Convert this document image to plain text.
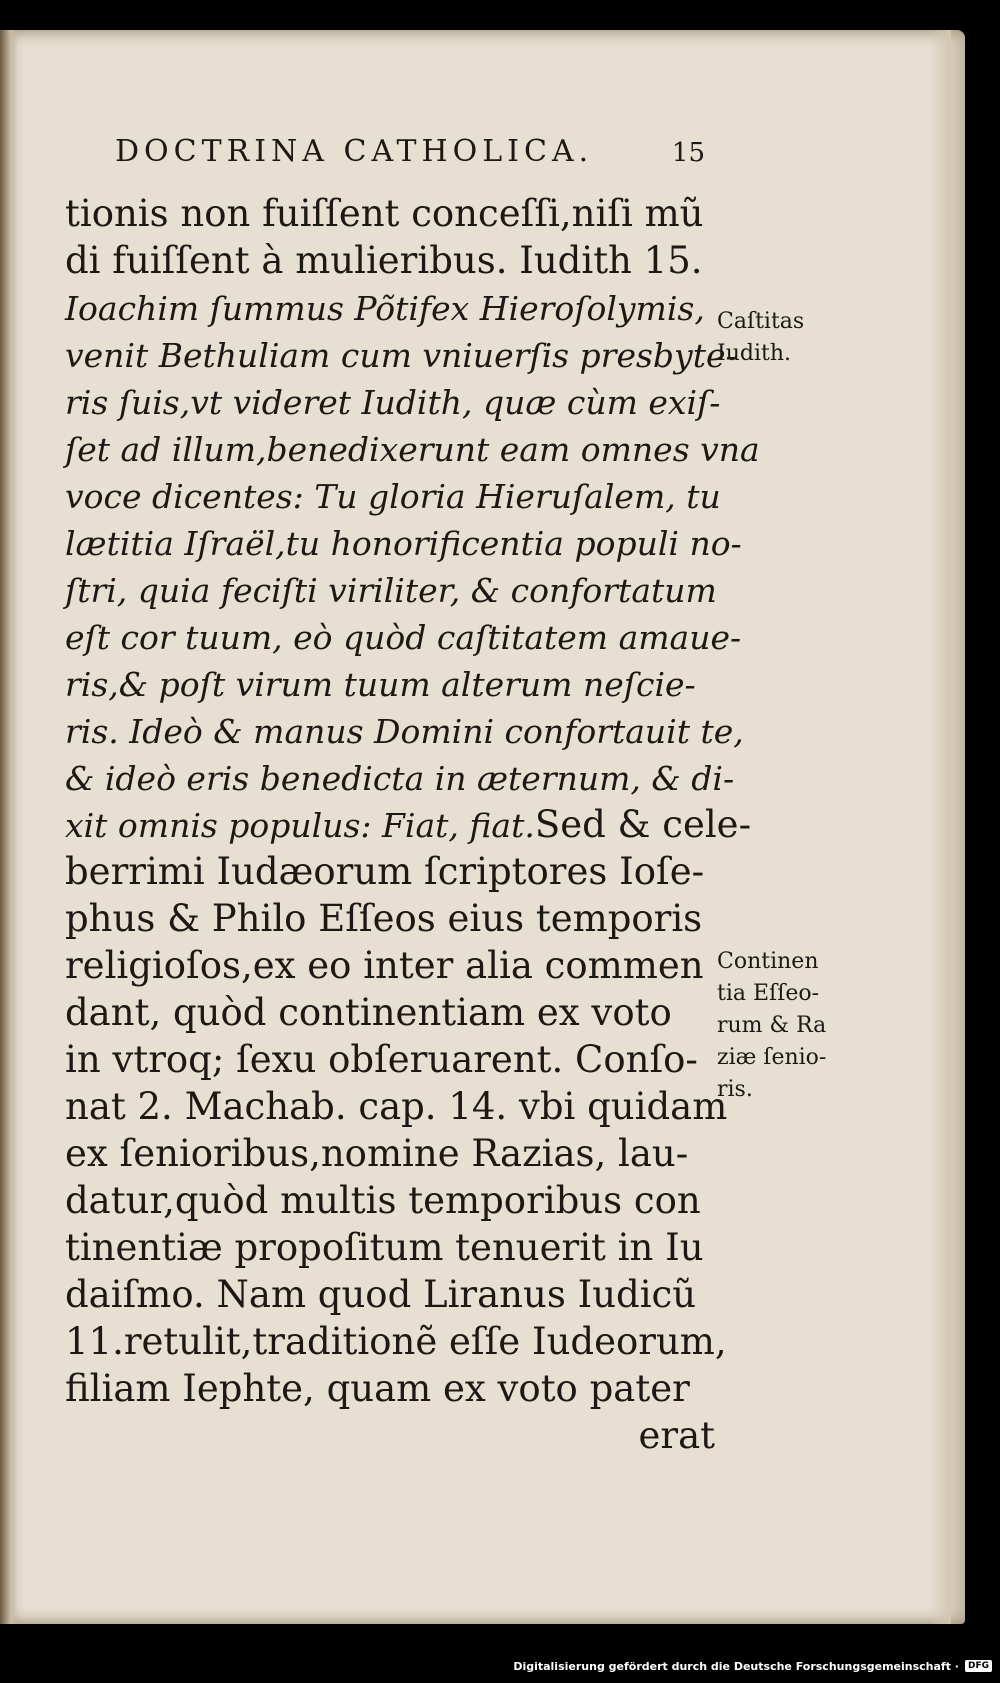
DOCTRINA CATHOLICA.	15
tionis non fuiſſent conceſſi,niſi mũ
di fuiſſent à mulieribus. Iudith 15.
Ioachim ſummus Põtifex Hieroſolymis,
venit Bethuliam cum vniuerſis presbyte-
ris ſuis,vt videret Iudith, quæ cùm exiſ-
ſet ad illum,benedixerunt eam omnes vna
voce dicentes: Tu gloria Hieruſalem, tu
lætitia Iſraël,tu honorificentia populi no-
ſtri, quia feciſti viriliter, & confortatum
eſt cor tuum, eò quòd caſtitatem amaue-
ris,& poſt virum tuum alterum neſcie-
ris. Ideò & manus Domini confortauit te,
& ideò eris benedicta in æternum, & di-
xit omnis populus: Fiat, fiat.Sed & cele-
berrimi Iudæorum ſcriptores Ioſe-
phus & Philo Eſſeos eius temporis
religioſos,ex eo inter alia commen
dant, quòd continentiam ex voto
in vtroq; ſexu obſeruarent. Conſo-
nat 2. Machab. cap. 14. vbi quidam
ex ſenioribus,nomine Razias, lau-
datur,quòd multis temporibus con
tinentiæ propoſitum tenuerit in Iu
daiſmo. Nam quod Liranus Iudicũ
11.retulit,traditionẽ eſſe Iudeorum,
filiam Iephte, quam ex voto pater
erat
Caſtitas
Iudith.
Continen
tia Eſſeo-
rum & Ra
ziæ ſenio-
ris.
Digitalisierung gefördert durch die Deutsche Forschungsgemeinschaft ·	DFG
